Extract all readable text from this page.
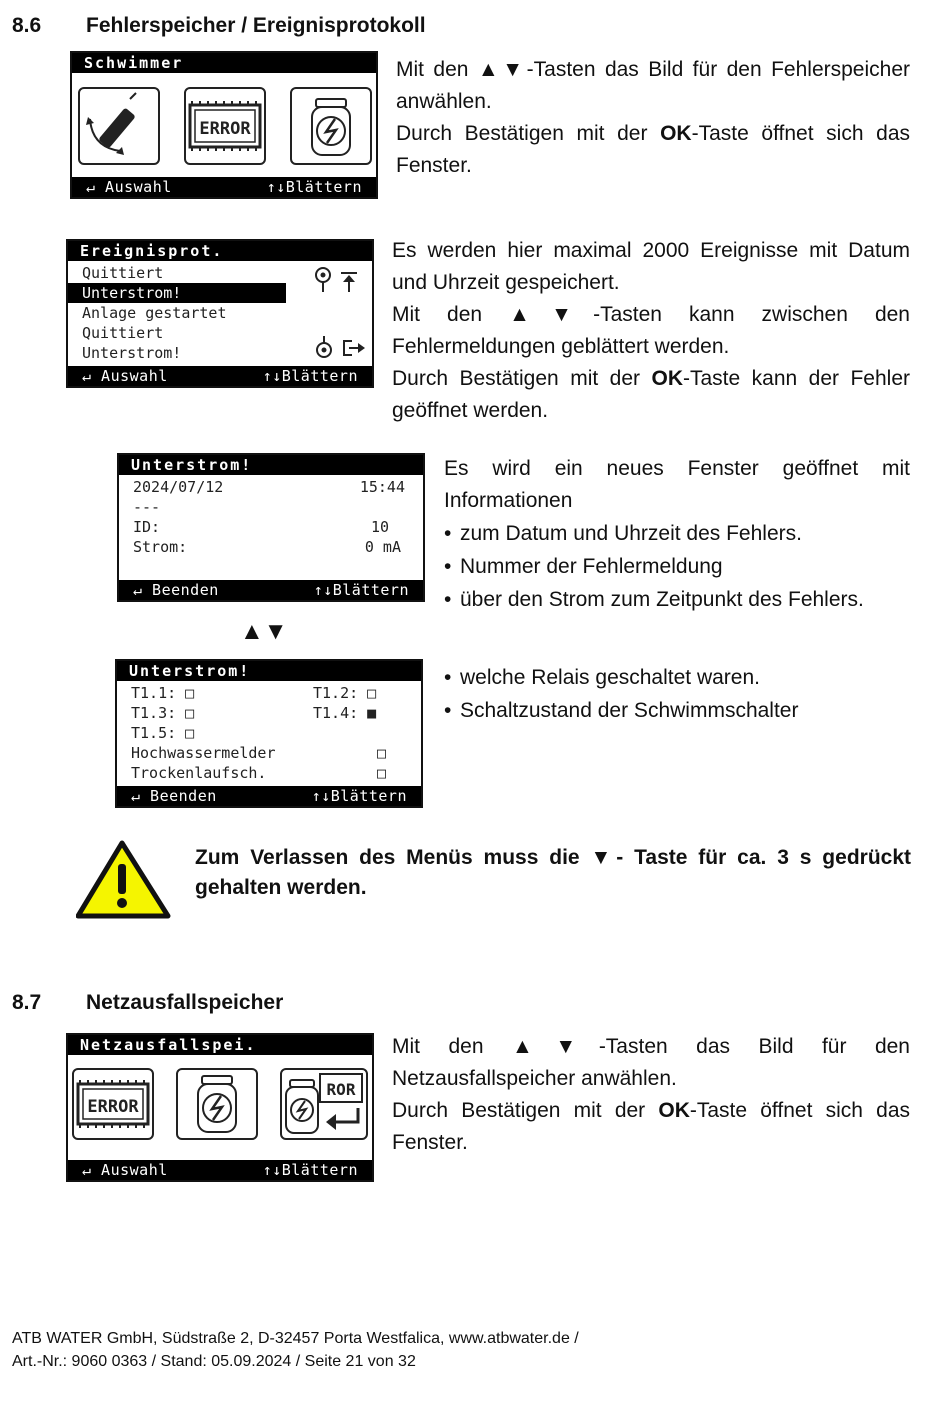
8.6 Fehlerspeicher / Ereignisprotokoll
Schwimmer
ERROR
↵ Auswahl	↑↓Blättern

Mit den ▲▼-Tasten das Bild für den Fehlerspeicher anwählen.

Durch Bestätigen mit der OK-Taste öffnet sich das Fenster.

Ereignisprot.
Quittiert
Unterstrom!
Anlage gestartet
Quittiert
Unterstrom!
↵ Auswahl	↑↓Blättern

Es werden hier maximal 2000 Ereignisse mit Datum und Uhrzeit gespeichert.

Mit den ▲▼-Tasten kann zwischen den Fehlermeldungen geblättert werden.

Durch Bestätigen mit der OK-Taste kann der Fehler geöffnet werden.

Unterstrom!
2024/07/12	15:44
---
ID:	10
Strom:	0 mA
↵ Beenden	↑↓Blättern

Es wird ein neues Fenster geöffnet mit Informationen

• zum Datum und Uhrzeit des Fehlers.
• Nummer der Fehlermeldung
• über den Strom zum Zeitpunkt des Fehlers.
▲▼
Unterstrom!
T1.1: □	T1.2: □
T1.3: □	T1.4: ■
T1.5: □
Hochwassermelder	□
Trockenlaufsch.	□
↵ Beenden	↑↓Blättern
• welche Relais geschaltet waren.
• Schaltzustand der Schwimmschalter

Zum Verlassen des Menüs muss die ▼- Taste für ca. 3 s gedrückt gehalten werden.

8.7 Netzausfallspeicher
Netzausfallspei.
ERROR
ROR
↵ Auswahl	↑↓Blättern

Mit den ▲▼-Tasten das Bild für den Netzausfallspeicher anwählen.

Durch Bestätigen mit der OK-Taste öffnet sich das Fenster.

ATB WATER GmbH, Südstraße 2, D-32457 Porta Westfalica, www.atbwater.de /
Art.-Nr.: 9060 0363 / Stand: 05.09.2024 / Seite 21 von 32
